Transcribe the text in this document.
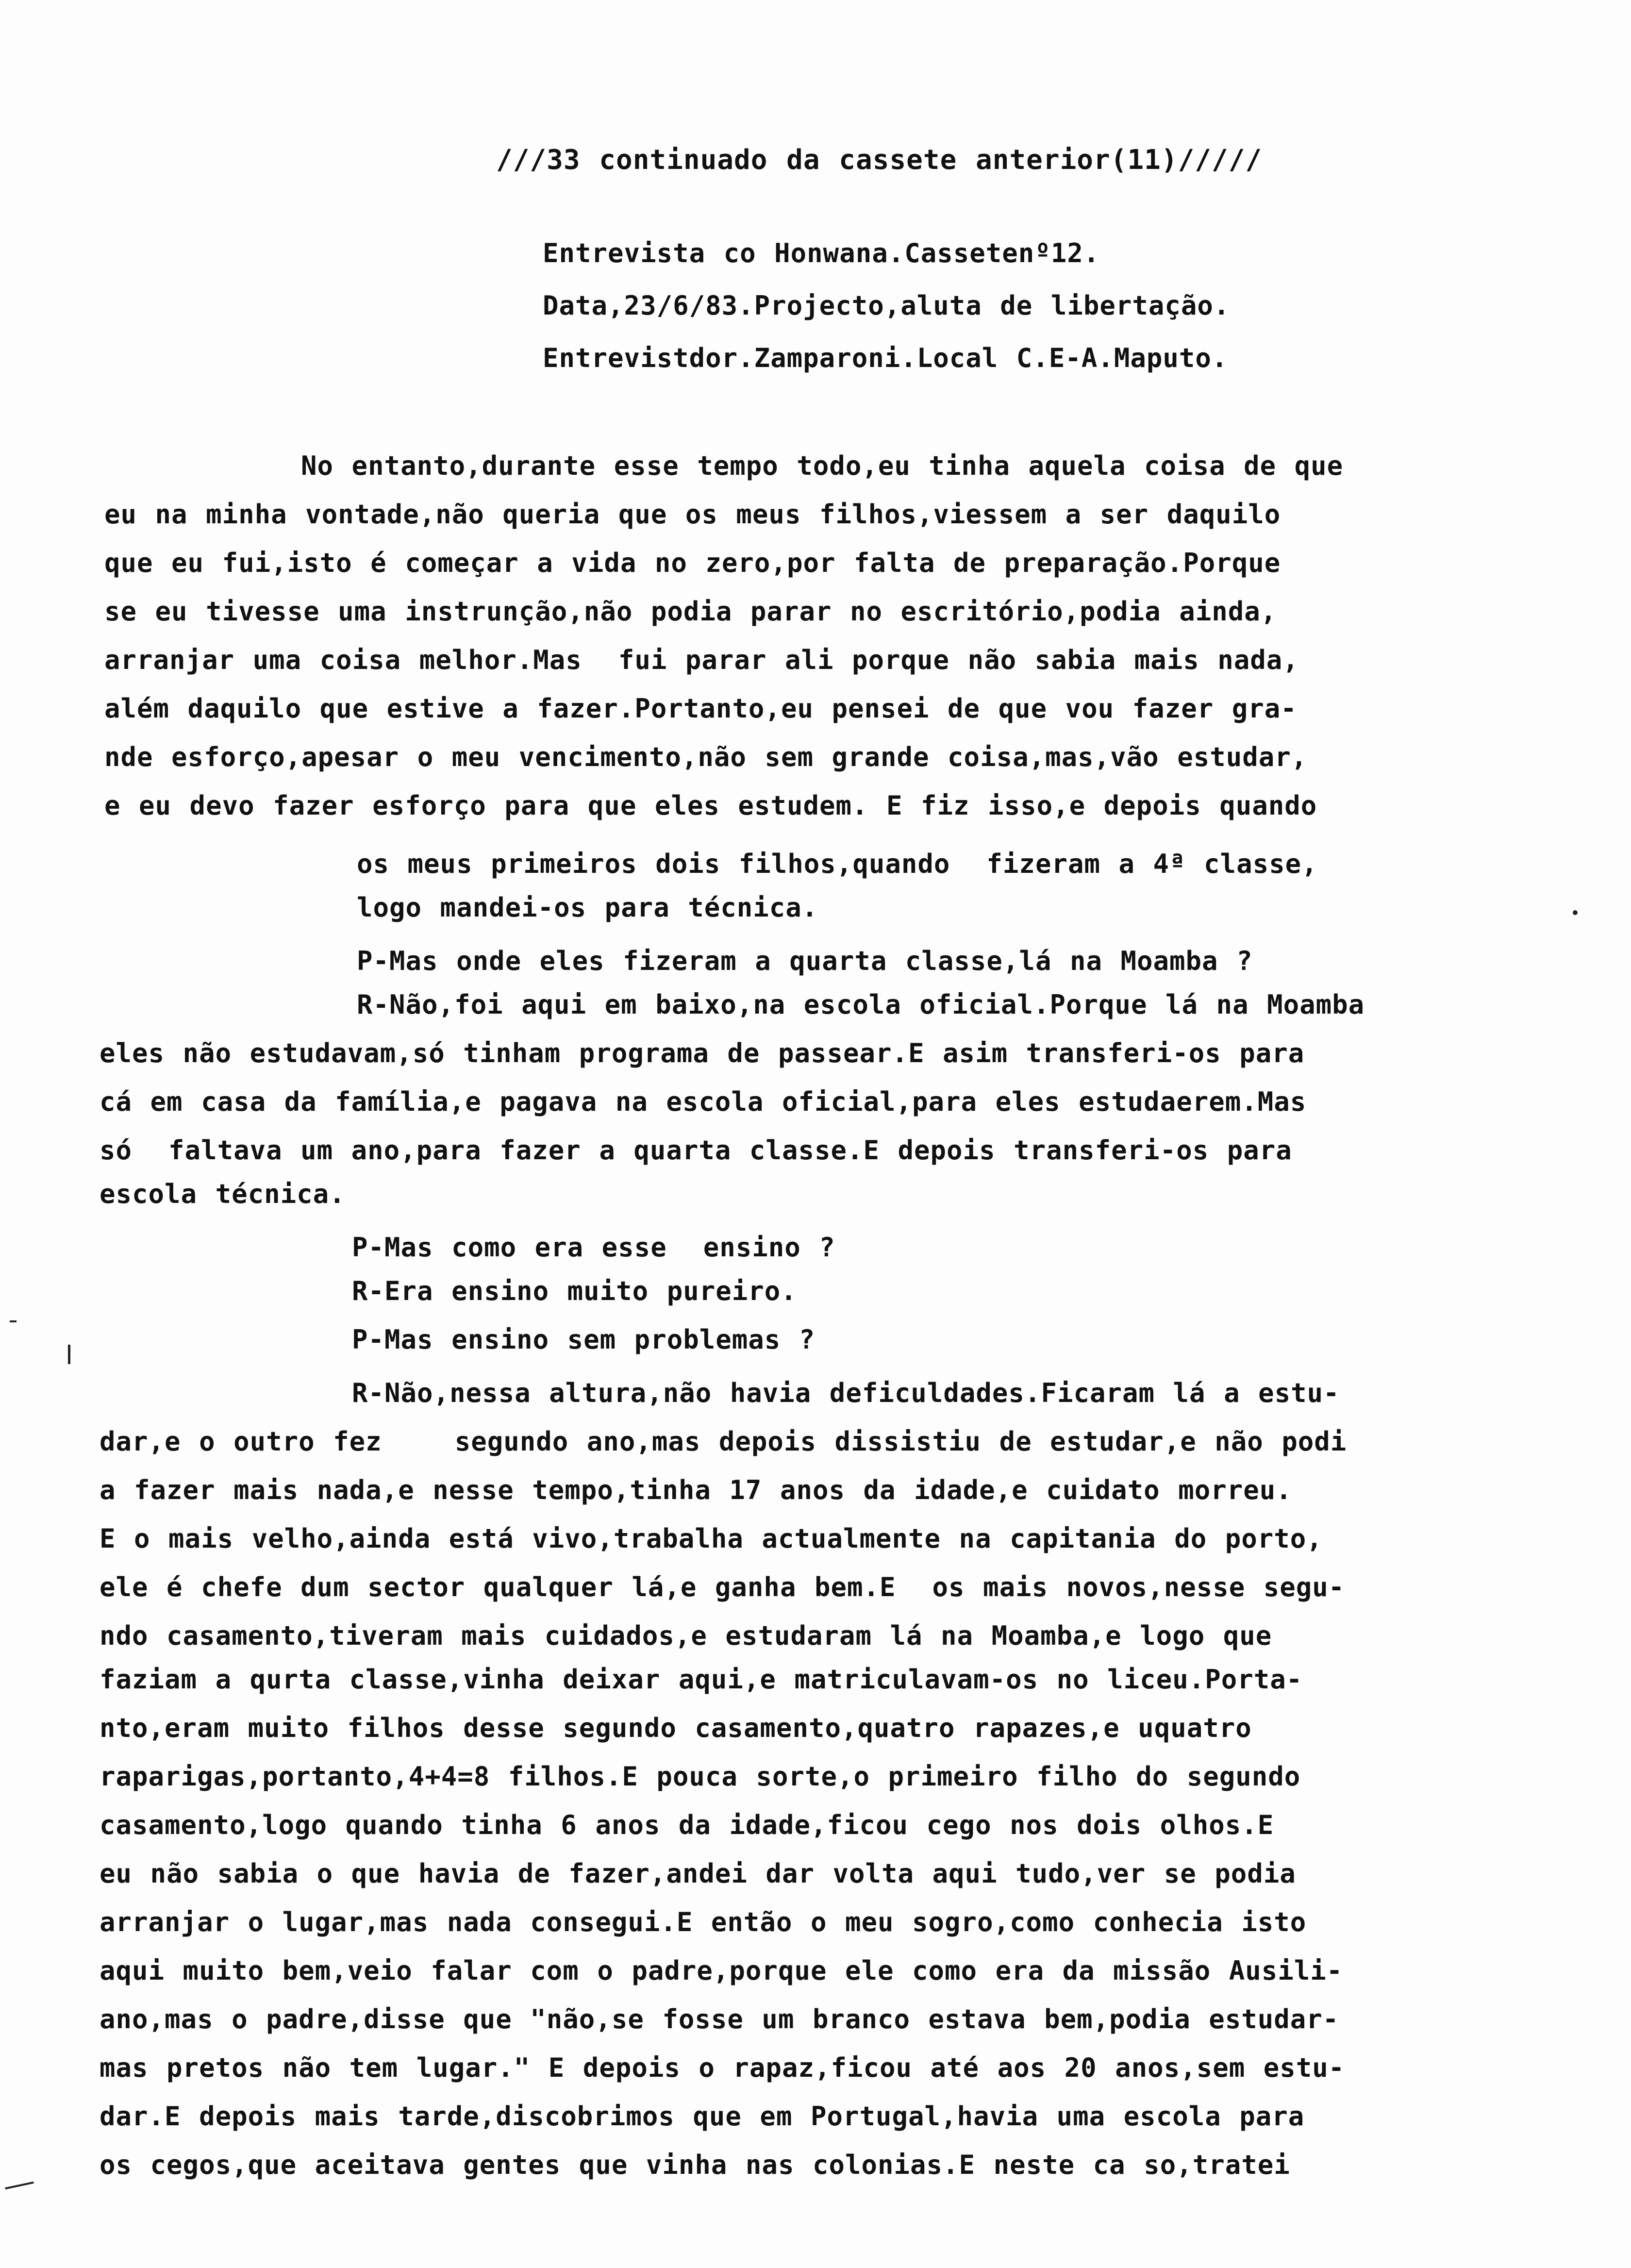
///33 continuado da cassete anterior(11)/////
Entrevista co Honwana.Cassetenº12.
Data,23/6/83.Projecto,aluta de libertação.
Entrevistdor.Zamparoni.Local C.E-A.Maputo.
No entanto,durante esse tempo todo,eu tinha aquela coisa de que
eu na minha vontade,não queria que os meus filhos,viessem a ser daquilo
que eu fui,isto é começar a vida no zero,por falta de preparação.Porque
se eu tivesse uma instrunção,não podia parar no escritório,podia ainda,
arranjar uma coisa melhor.Mas  fui parar ali porque não sabia mais nada,
além daquilo que estive a fazer.Portanto,eu pensei de que vou fazer gra-
nde esforço,apesar o meu vencimento,não sem grande coisa,mas,vão estudar,
e eu devo fazer esforço para que eles estudem. E fiz isso,e depois quando
os meus primeiros dois filhos,quando  fizeram a 4ª classe,
logo mandei-os para técnica.
P-Mas onde eles fizeram a quarta classe,lá na Moamba ?
R-Não,foi aqui em baixo,na escola oficial.Porque lá na Moamba
eles não estudavam,só tinham programa de passear.E asim transferi-os para
cá em casa da família,e pagava na escola oficial,para eles estudaerem.Mas
só  faltava um ano,para fazer a quarta classe.E depois transferi-os para
escola técnica.
P-Mas como era esse  ensino ?
R-Era ensino muito pureiro.
P-Mas ensino sem problemas ?
R-Não,nessa altura,não havia deficuldades.Ficaram lá a estu-
dar,e o outro fez    segundo ano,mas depois dissistiu de estudar,e não podi
a fazer mais nada,e nesse tempo,tinha 17 anos da idade,e cuidato morreu.
E o mais velho,ainda está vivo,trabalha actualmente na capitania do porto,
ele é chefe dum sector qualquer lá,e ganha bem.E  os mais novos,nesse segu-
ndo casamento,tiveram mais cuidados,e estudaram lá na Moamba,e logo que
faziam a qurta classe,vinha deixar aqui,e matriculavam-os no liceu.Porta-
nto,eram muito filhos desse segundo casamento,quatro rapazes,e uquatro
raparigas,portanto,4+4=8 filhos.E pouca sorte,o primeiro filho do segundo
casamento,logo quando tinha 6 anos da idade,ficou cego nos dois olhos.E
eu não sabia o que havia de fazer,andei dar volta aqui tudo,ver se podia
arranjar o lugar,mas nada consegui.E então o meu sogro,como conhecia isto
aqui muito bem,veio falar com o padre,porque ele como era da missão Ausili-
ano,mas o padre,disse que "não,se fosse um branco estava bem,podia estudar-
mas pretos não tem lugar." E depois o rapaz,ficou até aos 20 anos,sem estu-
dar.E depois mais tarde,discobrimos que em Portugal,havia uma escola para
os cegos,que aceitava gentes que vinha nas colonias.E neste ca so,tratei
